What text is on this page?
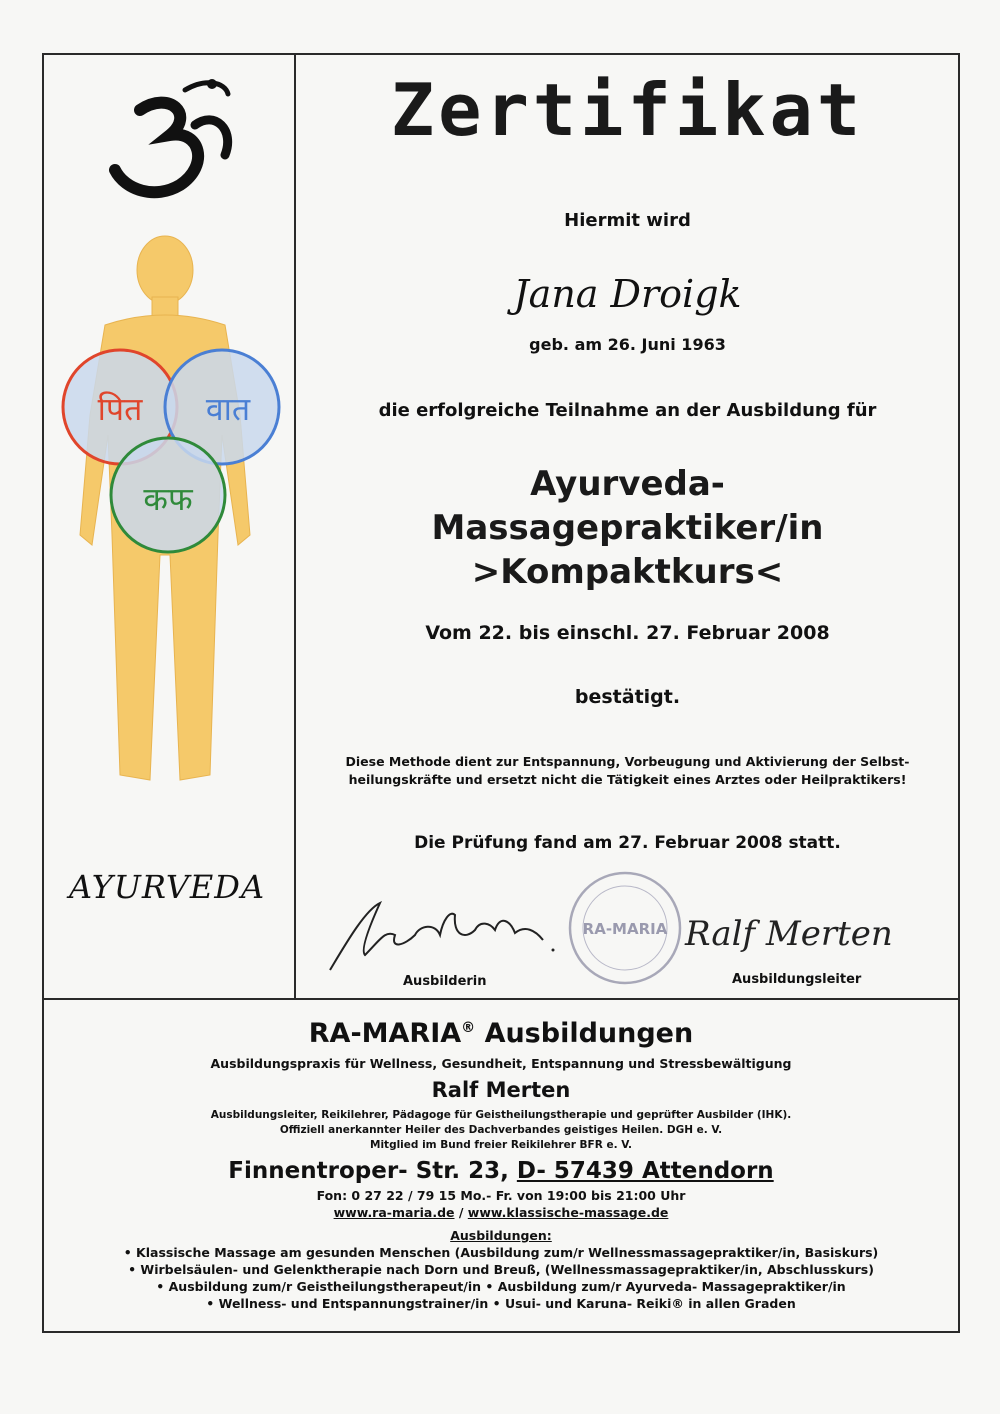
पित वात
कफ
AYURVEDA
Zertifikat
Hiermit wird
Jana Droigk
geb. am 26. Juni 1963
die erfolgreiche Teilnahme an der Ausbildung für
Ayurveda-
Massagepraktiker/in
>Kompaktkurs<
Vom 22. bis einschl. 27. Februar 2008
bestätigt.
Diese Methode dient zur Entspannung, Vorbeugung und Aktivierung der Selbst-
heilungskräfte und ersetzt nicht die Tätigkeit eines Arztes oder Heilpraktikers!
Die Prüfung fand am 27. Februar 2008 statt.
RA-MARIA Ralf Merten
Ausbilderin	Ausbildungsleiter
RA-MARIA® Ausbildungen
Ausbildungspraxis für Wellness, Gesundheit, Entspannung und Stressbewältigung
Ralf Merten
Ausbildungsleiter, Reikilehrer, Pädagoge für Geistheilungstherapie und geprüfter Ausbilder (IHK).
Offiziell anerkannter Heiler des Dachverbandes geistiges Heilen. DGH e. V.
Mitglied im Bund freier Reikilehrer BFR e. V.
Finnentroper- Str. 23, D- 57439 Attendorn
Fon: 0 27 22 / 79 15 Mo.- Fr. von 19:00 bis 21:00 Uhr
www.ra-maria.de / www.klassische-massage.de
Ausbildungen:
• Klassische Massage am gesunden Menschen (Ausbildung zum/r Wellnessmassagepraktiker/in, Basiskurs)
• Wirbelsäulen- und Gelenktherapie nach Dorn und Breuß, (Wellnessmassagepraktiker/in, Abschlusskurs)
• Ausbildung zum/r Geistheilungstherapeut/in • Ausbildung zum/r Ayurveda- Massagepraktiker/in
• Wellness- und Entspannungstrainer/in • Usui- und Karuna- Reiki® in allen Graden
